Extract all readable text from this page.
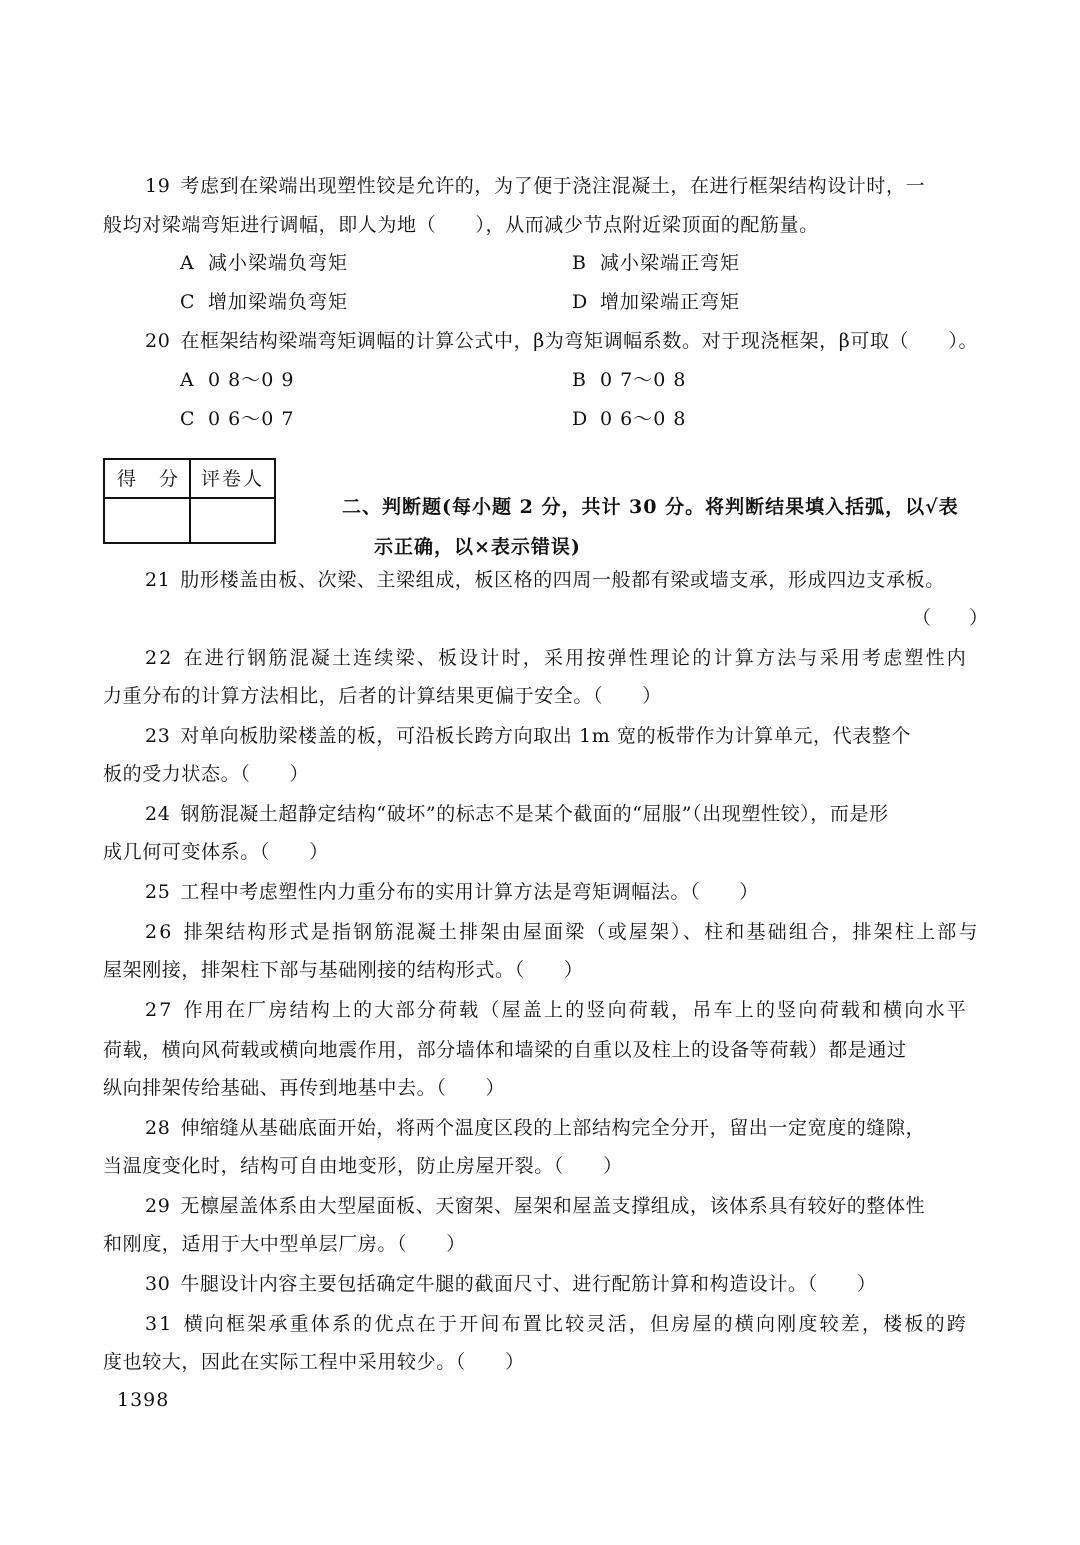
19 考虑到在梁端出现塑性铰是允许的，为了便于浇注混凝土，在进行框架结构设计时，一
般均对梁端弯矩进行调幅，即人为地（　　），从而减少节点附近梁顶面的配筋量。
A 减小梁端负弯矩	B 减小梁端正弯矩
C 增加梁端负弯矩	D 增加梁端正弯矩
20 在框架结构梁端弯矩调幅的计算公式中，β为弯矩调幅系数。对于现浇框架，β可取（　　）。
A 0 8～0 9	B 0 7～0 8
C 0 6～0 7	D 0 6～0 8
得　分 评卷人
二、判断题(每小题 2 分，共计 30 分。将判断结果填入括弧，以√表
示正确，以×表示错误)
21 肋形楼盖由板、次梁、主梁组成，板区格的四周一般都有梁或墙支承，形成四边支承板。
（　　）
22 在进行钢筋混凝土连续梁、板设计时，采用按弹性理论的计算方法与采用考虑塑性内
力重分布的计算方法相比，后者的计算结果更偏于安全。（　　）
23 对单向板肋梁楼盖的板，可沿板长跨方向取出 1m 宽的板带作为计算单元，代表整个
板的受力状态。（　　）
24 钢筋混凝土超静定结构“破坏”的标志不是某个截面的“屈服”（出现塑性铰），而是形
成几何可变体系。（　　）
25 工程中考虑塑性内力重分布的实用计算方法是弯矩调幅法。（　　）
26 排架结构形式是指钢筋混凝土排架由屋面梁（或屋架）、柱和基础组合，排架柱上部与
屋架刚接，排架柱下部与基础刚接的结构形式。（　　）
27 作用在厂房结构上的大部分荷载（屋盖上的竖向荷载，吊车上的竖向荷载和横向水平
荷载，横向风荷载或横向地震作用，部分墙体和墙梁的自重以及柱上的设备等荷载）都是通过
纵向排架传给基础、再传到地基中去。（　　）
28 伸缩缝从基础底面开始，将两个温度区段的上部结构完全分开，留出一定宽度的缝隙，
当温度变化时，结构可自由地变形，防止房屋开裂。（　　）
29 无檩屋盖体系由大型屋面板、天窗架、屋架和屋盖支撑组成，该体系具有较好的整体性
和刚度，适用于大中型单层厂房。（　　）
30 牛腿设计内容主要包括确定牛腿的截面尺寸、进行配筋计算和构造设计。（　　）
31 横向框架承重体系的优点在于开间布置比较灵活，但房屋的横向刚度较差，楼板的跨
度也较大，因此在实际工程中采用较少。（　　）
1398
